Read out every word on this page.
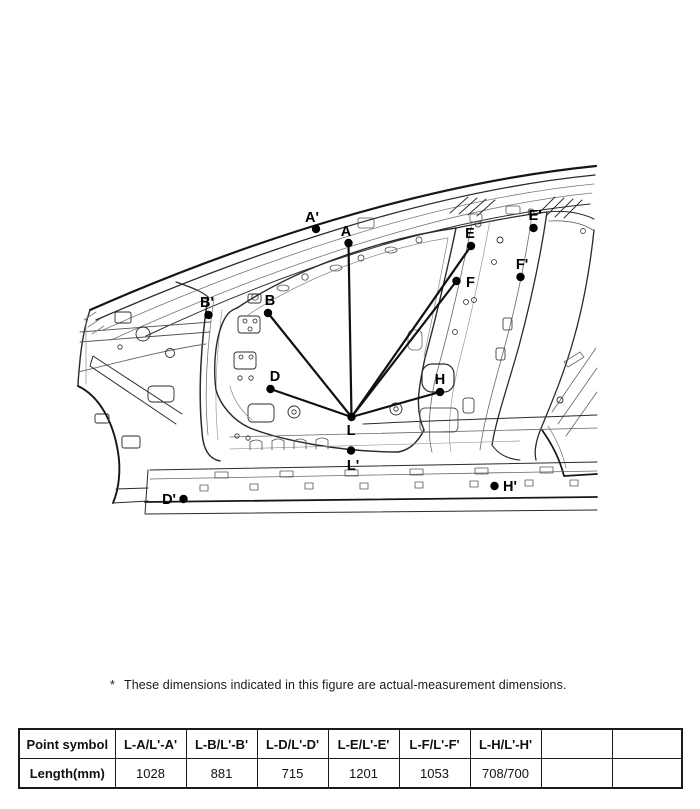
A'
A
B'	B
D
D'
E
E'
F
F'
H
H'
L
L'
* These dimensions indicated in this figure are actual-measurement dimensions.
Point symbol	L-A/L'-A'	L-B/L'-B'	L-D/L'-D'	L-E/L'-E'	L-F/L'-F'	L-H/L'-H'		
Length(mm)	1028	881	715	1201	1053	708/700		
